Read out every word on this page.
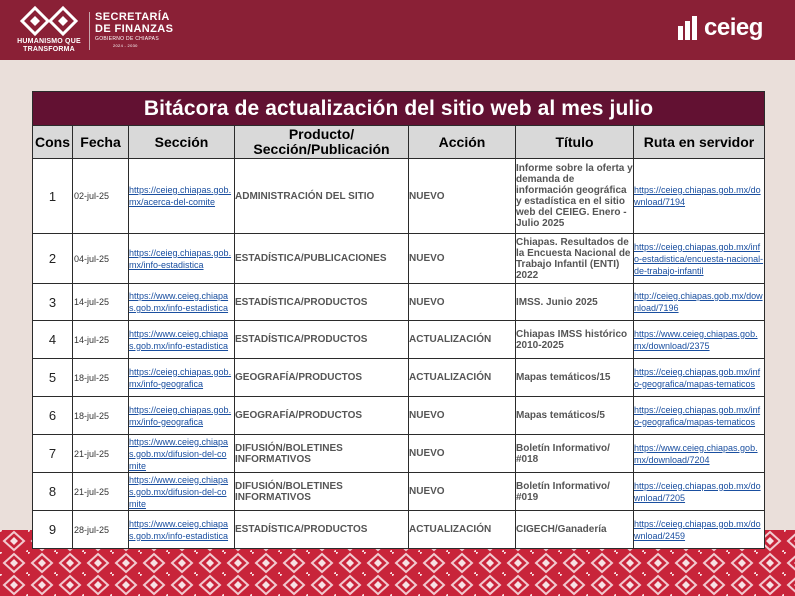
HUMANISMO QUE TRANSFORMA
SECRETARÍA
DE FINANZAS
GOBIERNO DE CHIAPAS
2024 - 2030
ceieg
Bitácora de actualización del sitio web al mes julio						
Cons	Fecha	Sección	Producto/
Sección/Publicación	Acción	Título	Ruta en servidor
1	02-jul-25	https://ceieg.chiapas.gob.mx/acerca-del-comite	ADMINISTRACIÓN DEL SITIO	NUEVO	Informe sobre la oferta y demanda de información geográfica y estadística en el sitio web del CEIEG. Enero - Julio 2025	https://ceieg.chiapas.gob.mx/download/7194
2	04-jul-25	https://ceieg.chiapas.gob.mx/info-estadistica	ESTADÍSTICA/PUBLICACIONES	NUEVO	Chiapas. Resultados de la Encuesta Nacional de Trabajo Infantil (ENTI) 2022	https://ceieg.chiapas.gob.mx/info-estadistica/encuesta-nacional-de-trabajo-infantil
3	14-jul-25	https://www.ceieg.chiapas.gob.mx/info-estadistica	ESTADÍSTICA/PRODUCTOS	NUEVO	IMSS. Junio 2025	http://ceieg.chiapas.gob.mx/download/7196
4	14-jul-25	https://www.ceieg.chiapas.gob.mx/info-estadistica	ESTADÍSTICA/PRODUCTOS	ACTUALIZACIÓN	Chiapas IMSS histórico 2010-2025	https://www.ceieg.chiapas.gob.mx/download/2375
5	18-jul-25	https://ceieg.chiapas.gob.mx/info-geografica	GEOGRAFÍA/PRODUCTOS	ACTUALIZACIÓN	Mapas temáticos/15	https://ceieg.chiapas.gob.mx/info-geografica/mapas-tematicos
6	18-jul-25	https://ceieg.chiapas.gob.mx/info-geografica	GEOGRAFÍA/PRODUCTOS	NUEVO	Mapas temáticos/5	https://ceieg.chiapas.gob.mx/info-geografica/mapas-tematicos
7	21-jul-25	https://www.ceieg.chiapas.gob.mx/difusion-del-comite	DIFUSIÓN/BOLETINES INFORMATIVOS	NUEVO	Boletín Informativo/ #018	https://www.ceieg.chiapas.gob.mx/download/7204
8	21-jul-25	https://www.ceieg.chiapas.gob.mx/difusion-del-comite	DIFUSIÓN/BOLETINES INFORMATIVOS	NUEVO	Boletín Informativo/ #019	https://ceieg.chiapas.gob.mx/download/7205
9	28-jul-25	https://www.ceieg.chiapas.gob.mx/info-estadistica	ESTADÍSTICA/PRODUCTOS	ACTUALIZACIÓN	CIGECH/Ganadería	https://ceieg.chiapas.gob.mx/download/2459
